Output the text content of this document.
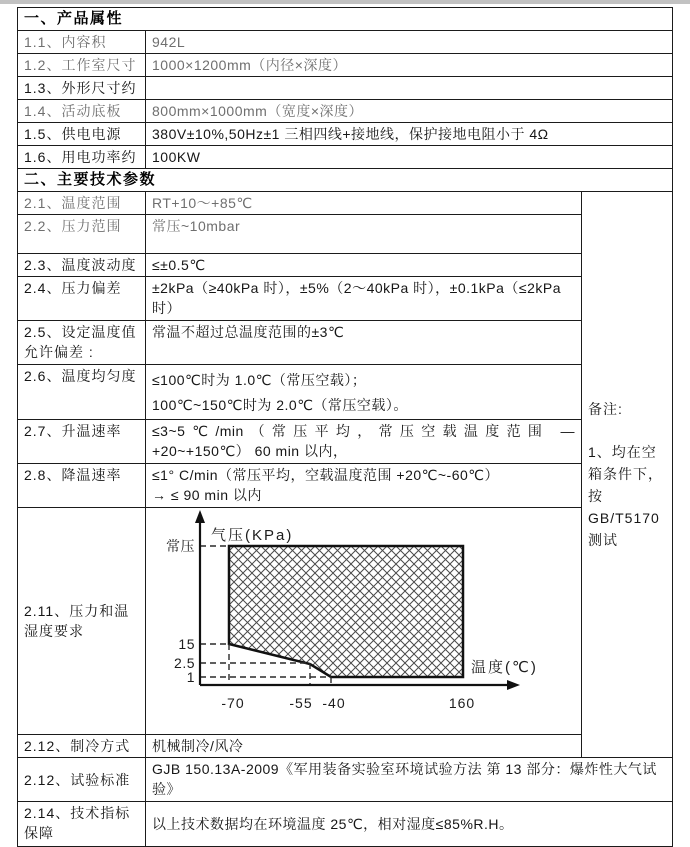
一、产品属性		
1.1、内容积	942L	
1.2、工作室尺寸	1000×1200mm（内径×深度）	
1.3、外形尺寸约		
1.4、活动底板	800mm×1000mm（宽度×深度）	
1.5、供电电源	380V±10%,50Hz±1 三相四线+接地线，保护接地电阻小于 4Ω	
1.6、用电功率约	100KW	
二、主要技术参数		
2.1、温度范围	RT+10～+85℃	备注:
1、均在空箱条件下，按
GB/T5170
测试

2.2、压力范围	常压~10mbar	
2.3、温度波动度	≤±0.5℃	
2.4、压力偏差	±2kPa（≥40kPa 时），±5%（2～40kPa 时），±0.1kPa（≤2kPa 时）	
2.5、设定温度值允许偏差 :	常温不超过总温度范围的±3℃	
2.6、温度均匀度	≤100℃时为 1.0℃（常压空载）；
100℃~150℃时为 2.0℃（常压空载）。	

2.7、升温速率	≤3~5℃/min（常压平均，常压空载温度范围 —
+20~+150℃） 60 min 以内，	

2.8、降温速率	≤1° C/min（常压平均，空载温度范围 +20℃~-60℃）
→ ≤ 90 min 以内	

2.11、压力和温湿度要求	
气压(KPa)
温度(℃)
常压
15
2.5
1
-70	-55 -40	160

2.12、制冷方式	机械制冷/风冷	
2.12、试验标准	GJB 150.13A-2009《军用装备实验室环境试验方法 第 13 部分：爆炸性大气试验》	
2.14、技术指标保障	以上技术数据均在环境温度 25℃，相对湿度≤85%R.H。	
